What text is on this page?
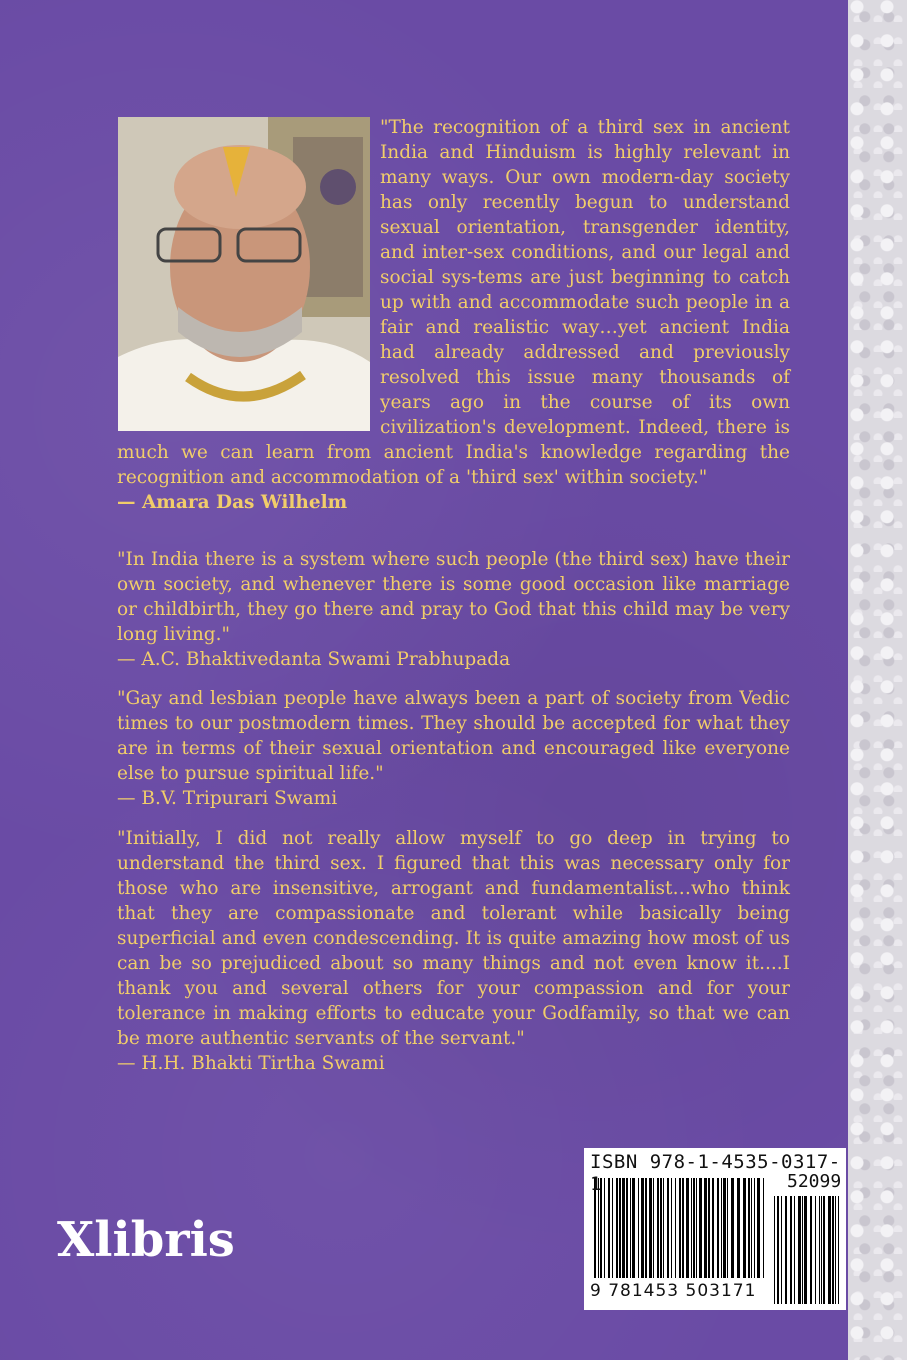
"The recognition of a third sex in ancient India and Hinduism is highly relevant in many ways. Our own modern-day society has only recently begun to understand sexual orientation, transgender identity, and inter-sex conditions, and our legal and social sys-tems are just beginning to catch up with and accommodate such people in a fair and realistic way…yet ancient India had already addressed and previously resolved this issue many thousands of years ago in the course of its own civilization's development. Indeed, there is much we can learn from ancient India's knowledge regarding the recognition and accommodation of a 'third sex' within society."
— Amara Das Wilhelm

"In India there is a system where such people (the third sex) have their own society, and whenever there is some good occasion like marriage or childbirth, they go there and pray to God that this child may be very long living."
— A.C. Bhaktivedanta Swami Prabhupada

"Gay and lesbian people have always been a part of society from Vedic times to our postmodern times. They should be accepted for what they are in terms of their sexual orientation and encouraged like everyone else to pursue spiritual life."
— B.V. Tripurari Swami

"Initially, I did not really allow myself to go deep in trying to understand the third sex. I figured that this was necessary only for those who are insensitive, arrogant and fundamentalist…who think that they are compassionate and tolerant while basically being superficial and even condescending. It is quite amazing how most of us can be so prejudiced about so many things and not even know it....I thank you and several others for your compassion and for your tolerance in making efforts to educate your Godfamily, so that we can be more authentic servants of the servant."
— H.H. Bhakti Tirtha Swami

ISBN 978-1-4535-0317-1	52099
9 781453 503171
Xlibris
